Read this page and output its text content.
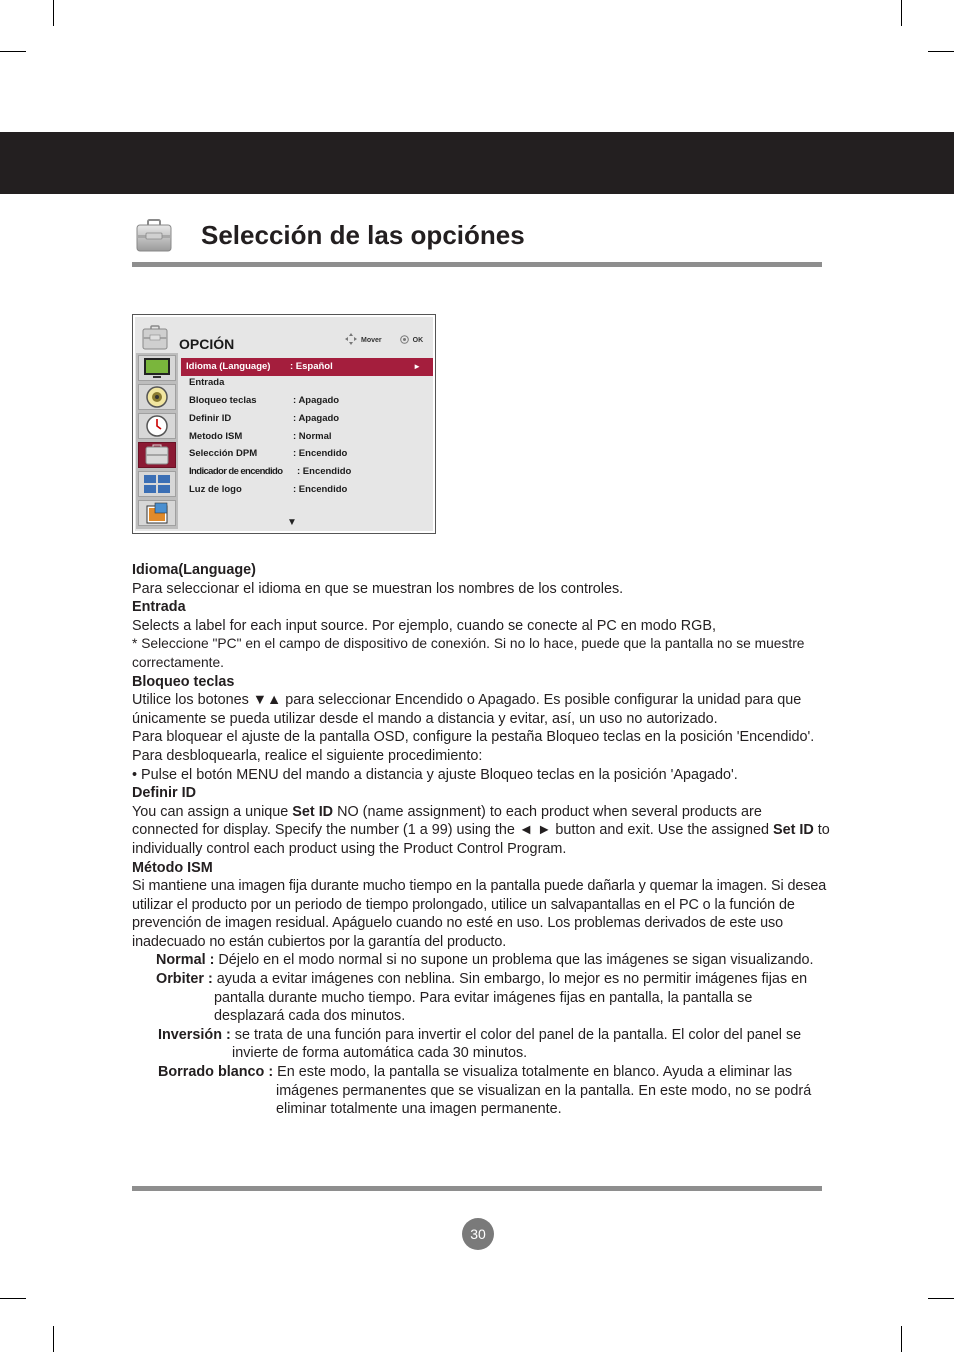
Selección de las opciónes
OPCIÓN	Mover	OK
Idioma (Language) : Español	►
Entrada
Bloqueo teclas	: Apagado
Definir ID	: Apagado
Metodo ISM	: Normal
Selección DPM	: Encendido
Indicador de encendido : Encendido
Luz de logo	: Encendido
▼

Idioma(Language)

Para seleccionar el idioma en que se muestran los nombres de los controles.

Entrada

Selects a label for each input source. Por ejemplo, cuando se conecte al PC en modo RGB,

* Seleccione "PC" en el campo de dispositivo de conexión. Si no lo hace, puede que la pantalla no se muestre correctamente.

Bloqueo teclas

Utilice los botones ▼▲ para seleccionar Encendido o Apagado. Es posible configurar la unidad para que únicamente se pueda utilizar desde el mando a distancia y evitar, así, un uso no autorizado.

Para bloquear el ajuste de la pantalla OSD, configure la pestaña Bloqueo teclas en la posición 'Encendido'.

Para desbloquearla, realice el siguiente procedimiento:

• Pulse el botón MENU del mando a distancia y ajuste Bloqueo teclas en la posición 'Apagado'.

Definir ID

You can assign a unique Set ID NO (name assignment) to each product when several products are connected for display. Specify the number (1 a 99) using the ◄ ► button and exit. Use the assigned Set ID to individually control each product using the Product Control Program.

Método ISM

Si mantiene una imagen fija durante mucho tiempo en la pantalla puede dañarla y quemar la imagen. Si desea utilizar el producto por un periodo de tiempo prolongado, utilice un salvapantallas en el PC o la función de prevención de imagen residual. Apáguelo cuando no esté en uso. Los problemas derivados de este uso inadecuado no están cubiertos por la garantía del producto.

Normal : Déjelo en el modo normal si no supone un problema que las imágenes se sigan visualizando.

Orbiter : ayuda a evitar imágenes con neblina. Sin embargo, lo mejor es no permitir imágenes fijas en pantalla durante mucho tiempo. Para evitar imágenes fijas en pantalla, la pantalla se desplazará cada dos minutos.

Inversión : se trata de una función para invertir el color del panel de la pantalla. El color del panel se invierte de forma automática cada 30 minutos.

Borrado blanco : En este modo, la pantalla se visualiza totalmente en blanco. Ayuda a eliminar las imágenes permanentes que se visualizan en la pantalla. En este modo, no se podrá eliminar totalmente una imagen permanente.

30
